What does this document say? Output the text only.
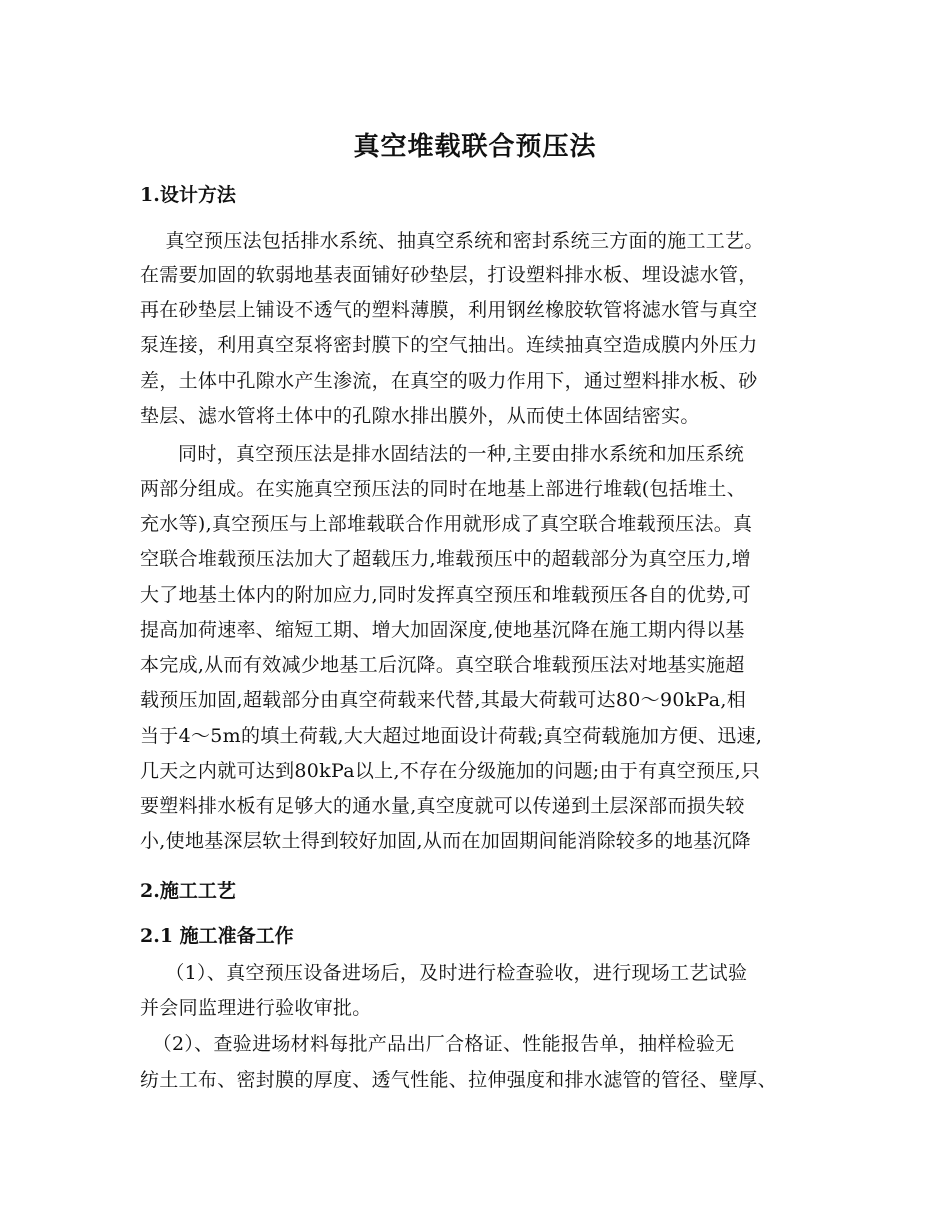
真空堆载联合预压法
1.设计方法
真空预压法包括排水系统、抽真空系统和密封系统三方面的施工工艺。
在需要加固的软弱地基表面铺好砂垫层，打设塑料排水板、埋设滤水管，
再在砂垫层上铺设不透气的塑料薄膜，利用钢丝橡胶软管将滤水管与真空
泵连接，利用真空泵将密封膜下的空气抽出。连续抽真空造成膜内外压力
差，土体中孔隙水产生渗流，在真空的吸力作用下，通过塑料排水板、砂
垫层、滤水管将土体中的孔隙水排出膜外，从而使土体固结密实。
同时，真空预压法是排水固结法的一种,主要由排水系统和加压系统
两部分组成。在实施真空预压法的同时在地基上部进行堆载(包括堆土、
充水等),真空预压与上部堆载联合作用就形成了真空联合堆载预压法。真
空联合堆载预压法加大了超载压力,堆载预压中的超载部分为真空压力,增
大了地基土体内的附加应力,同时发挥真空预压和堆载预压各自的优势,可
提高加荷速率、缩短工期、增大加固深度,使地基沉降在施工期内得以基
本完成,从而有效减少地基工后沉降。真空联合堆载预压法对地基实施超
载预压加固,超载部分由真空荷载来代替,其最大荷载可达80～90kPa,相
当于4～5m的填土荷载,大大超过地面设计荷载;真空荷载施加方便、迅速,
几天之内就可达到80kPa以上,不存在分级施加的问题;由于有真空预压,只
要塑料排水板有足够大的通水量,真空度就可以传递到土层深部而损失较
小,使地基深层软土得到较好加固,从而在加固期间能消除较多的地基沉降
2.施工工艺
2.1 施工准备工作
（1）、真空预压设备进场后，及时进行检查验收，进行现场工艺试验
并会同监理进行验收审批。
（2）、查验进场材料每批产品出厂合格证、性能报告单，抽样检验无
纺土工布、密封膜的厚度、透气性能、拉伸强度和排水滤管的管径、壁厚、
